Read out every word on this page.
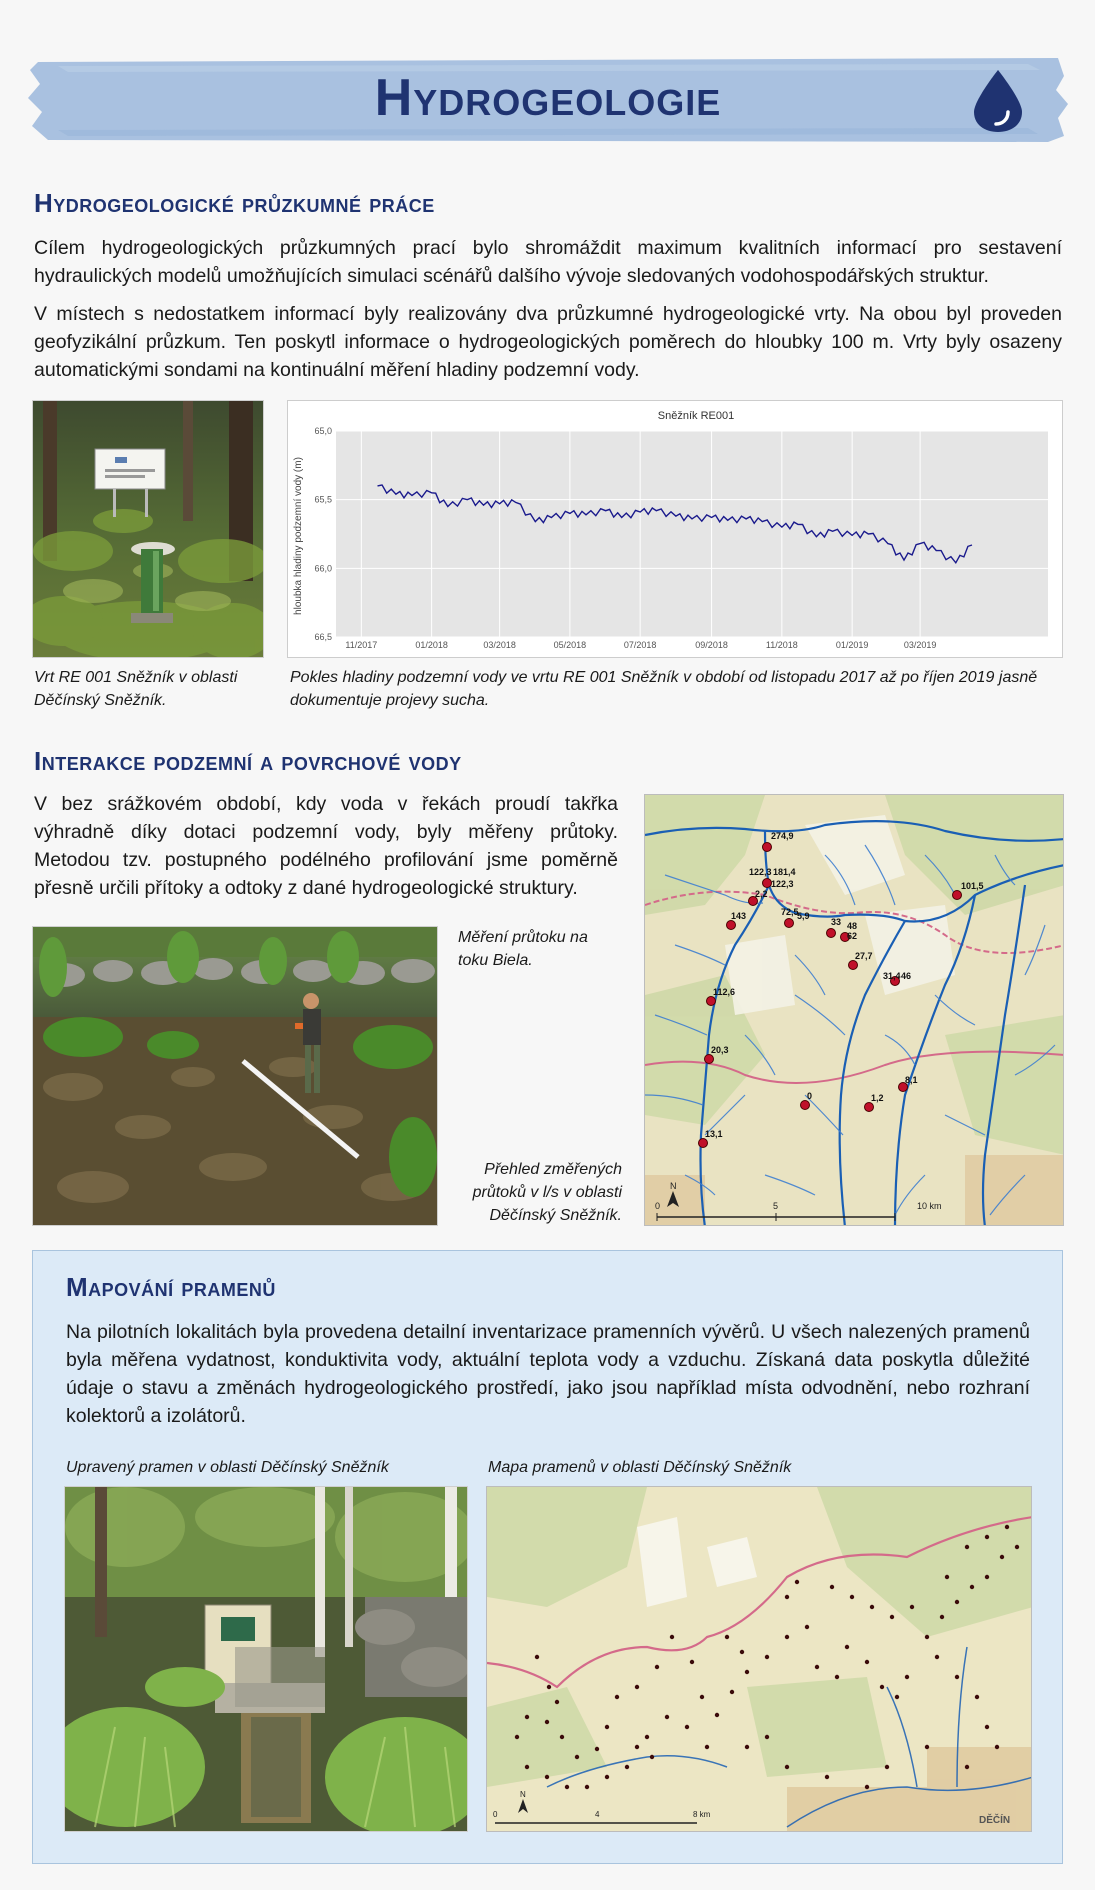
Hydrogeologie
Hydrogeologické průzkumné práce

Cílem hydrogeologických průzkumných prací bylo shromáždit maximum kvalitních informací pro sestavení hydraulických modelů umožňujících simulaci scénářů dalšího vývoje sledovaných vodohospodářských struktur.

V místech s nedostatkem informací byly realizovány dva průzkumné hydrogeologické vrty. Na obou byl proveden geofyzikální průzkum. Ten poskytl informace o hydrogeologických poměrech do hloubky 100 m. Vrty byly osazeny automatickými sondami na kontinuální měření hladiny podzemní vody.

Sněžník RE001
hloubka hladiny podzemní vody (m)
65,0
65,5
66,0
66,5
11/2017	01/2018	03/2018	05/2018	07/2018	09/2018	11/2018	01/2019	03/2019
Vrt RE 001 Sněžník v oblasti Děčínský Sněžník.
Pokles hladiny podzemní vody ve vrtu RE 001 Sněžník v období od listopadu 2017 až po říjen 2019 jasně dokumentuje projevy sucha.
Interakce podzemní a povrchové vody

V bez srážkovém období, kdy voda v řekách proudí takřka výhradně díky dotaci podzemní vody, byly měřeny průtoky. Metodou tzv. postupného podélného profilování jsme poměrně přesně určili přítoky a odtoky z dané hydrogeologické struktury.

Měření průtoku na toku Biela.
Přehled změřených průtoků v l/s v oblasti Děčínský Sněžník.
274,9
122,3 181,4
122,3
2,2
72,5
5,9
143
33 48
62
27,7
101,5
112,6
31,4 46
20,3
8,1
0	1,2
13,1
N
0	5	10 km
Mapování pramenů

Na pilotních lokalitách byla provedena detailní inventarizace pramenních vývěrů. U všech nalezených pramenů byla měřena vydatnost, konduktivita vody, aktuální teplota vody a vzduchu. Získaná data poskytla důležité údaje o stavu a změnách hydrogeologického prostředí, jako jsou například místa odvodnění, nebo rozhraní kolektorů a izolátorů.

Upravený pramen v oblasti Děčínský Sněžník	Mapa pramenů v oblasti Děčínský Sněžník
N
0	4	8 km
DĚČÍN
